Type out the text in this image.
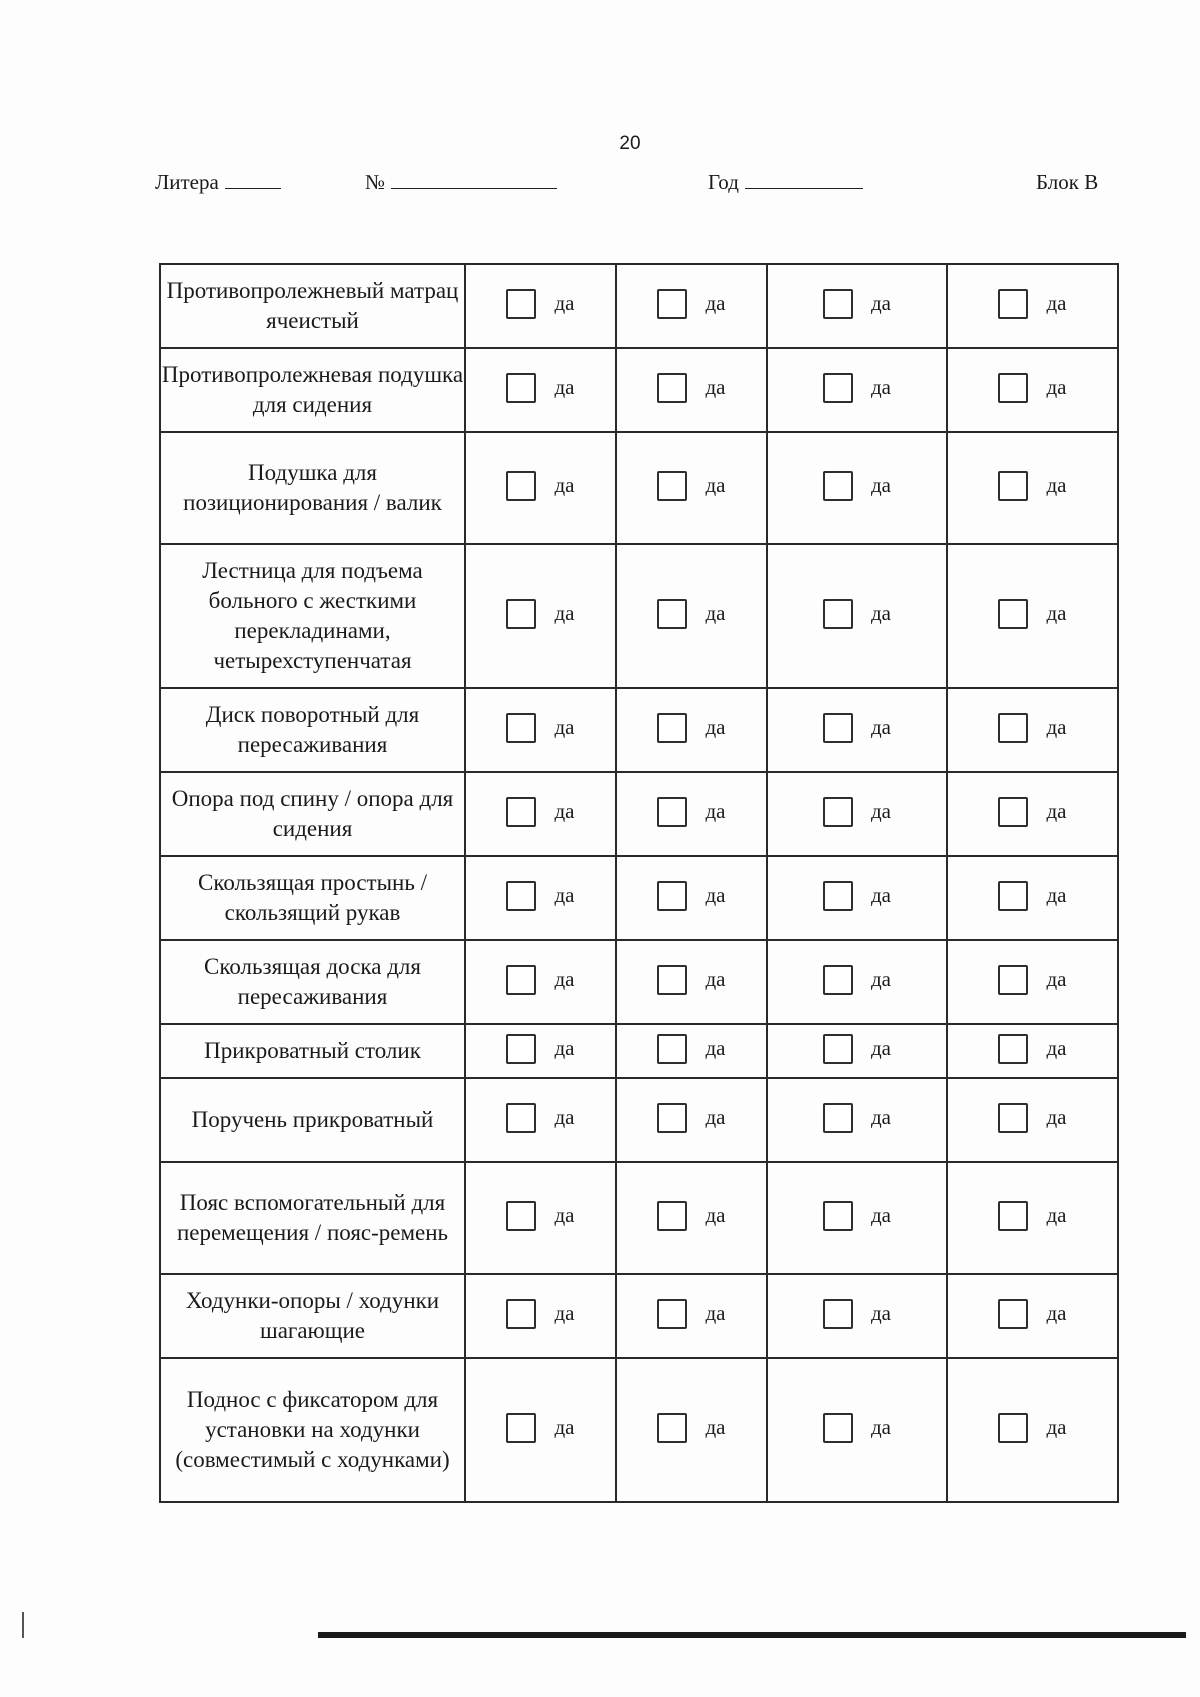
20
Литера	№	Год	Блок В
Противопролежневый матрац ячеистый	да	да	да	да

Противопролежневая подушка для сидения	да	да	да	да

Подушка для позиционирования / валик	да	да	да	да

Лестница для подъема больного с жесткими перекладинами, четырехступенчатая	да	да	да	да

Диск поворотный для пересаживания	да	да	да	да

Опора под спину / опора для сидения	да	да	да	да

Скользящая простынь / скользящий рукав	да	да	да	да

Скользящая доска для пересаживания	да	да	да	да

Прикроватный столик	да	да	да	да

Поручень прикроватный	да	да	да	да

Пояс вспомогательный для перемещения / пояс-ремень	да	да	да	да

Ходунки-опоры / ходунки шагающие	да	да	да	да

Поднос с фиксатором для установки на ходунки (совместимый с ходунками)	да	да	да	да
